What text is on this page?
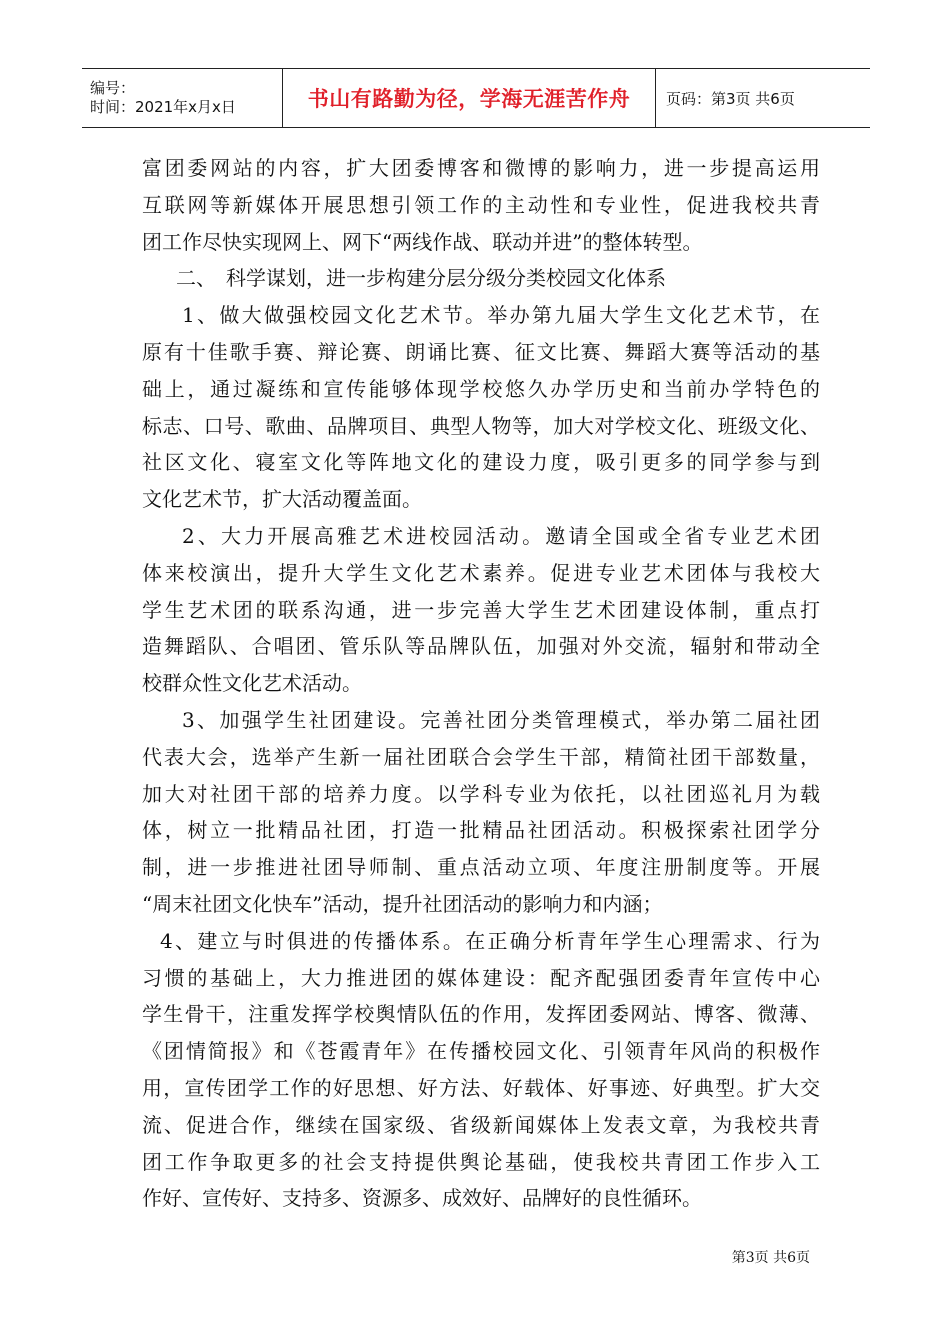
编号：
时间：2021年x月x日	书山有路勤为径，学海无涯苦作舟	页码：第3页 共6页
富团委网站的内容，扩大团委博客和微博的影响力，进一步提高运用
互联网等新媒体开展思想引领工作的主动性和专业性，促进我校共青
团工作尽快实现网上、网下“两线作战、联动并进”的整体转型。
二、　科学谋划，进一步构建分层分级分类校园文化体系
1、做大做强校园文化艺术节。举办第九届大学生文化艺术节，在
原有十佳歌手赛、辩论赛、朗诵比赛、征文比赛、舞蹈大赛等活动的基
础上，通过凝练和宣传能够体现学校悠久办学历史和当前办学特色的
标志、口号、歌曲、品牌项目、典型人物等，加大对学校文化、班级文化、
社区文化、寝室文化等阵地文化的建设力度，吸引更多的同学参与到
文化艺术节，扩大活动覆盖面。
2、大力开展高雅艺术进校园活动。邀请全国或全省专业艺术团
体来校演出，提升大学生文化艺术素养。促进专业艺术团体与我校大
学生艺术团的联系沟通，进一步完善大学生艺术团建设体制，重点打
造舞蹈队、合唱团、管乐队等品牌队伍，加强对外交流，辐射和带动全
校群众性文化艺术活动。
3、加强学生社团建设。完善社团分类管理模式，举办第二届社团
代表大会，选举产生新一届社团联合会学生干部，精简社团干部数量，
加大对社团干部的培养力度。以学科专业为依托，以社团巡礼月为载
体，树立一批精品社团，打造一批精品社团活动。积极探索社团学分
制，进一步推进社团导师制、重点活动立项、年度注册制度等。开展
“周末社团文化快车”活动，提升社团活动的影响力和内涵；
4、建立与时俱进的传播体系。在正确分析青年学生心理需求、行为
习惯的基础上，大力推进团的媒体建设：配齐配强团委青年宣传中心
学生骨干，注重发挥学校舆情队伍的作用，发挥团委网站、博客、微薄、
《团情简报》和《苍霞青年》在传播校园文化、引领青年风尚的积极作
用，宣传团学工作的好思想、好方法、好载体、好事迹、好典型。扩大交
流、促进合作，继续在国家级、省级新闻媒体上发表文章，为我校共青
团工作争取更多的社会支持提供舆论基础，使我校共青团工作步入工
作好、宣传好、支持多、资源多、成效好、品牌好的良性循环。
第3页 共6页
